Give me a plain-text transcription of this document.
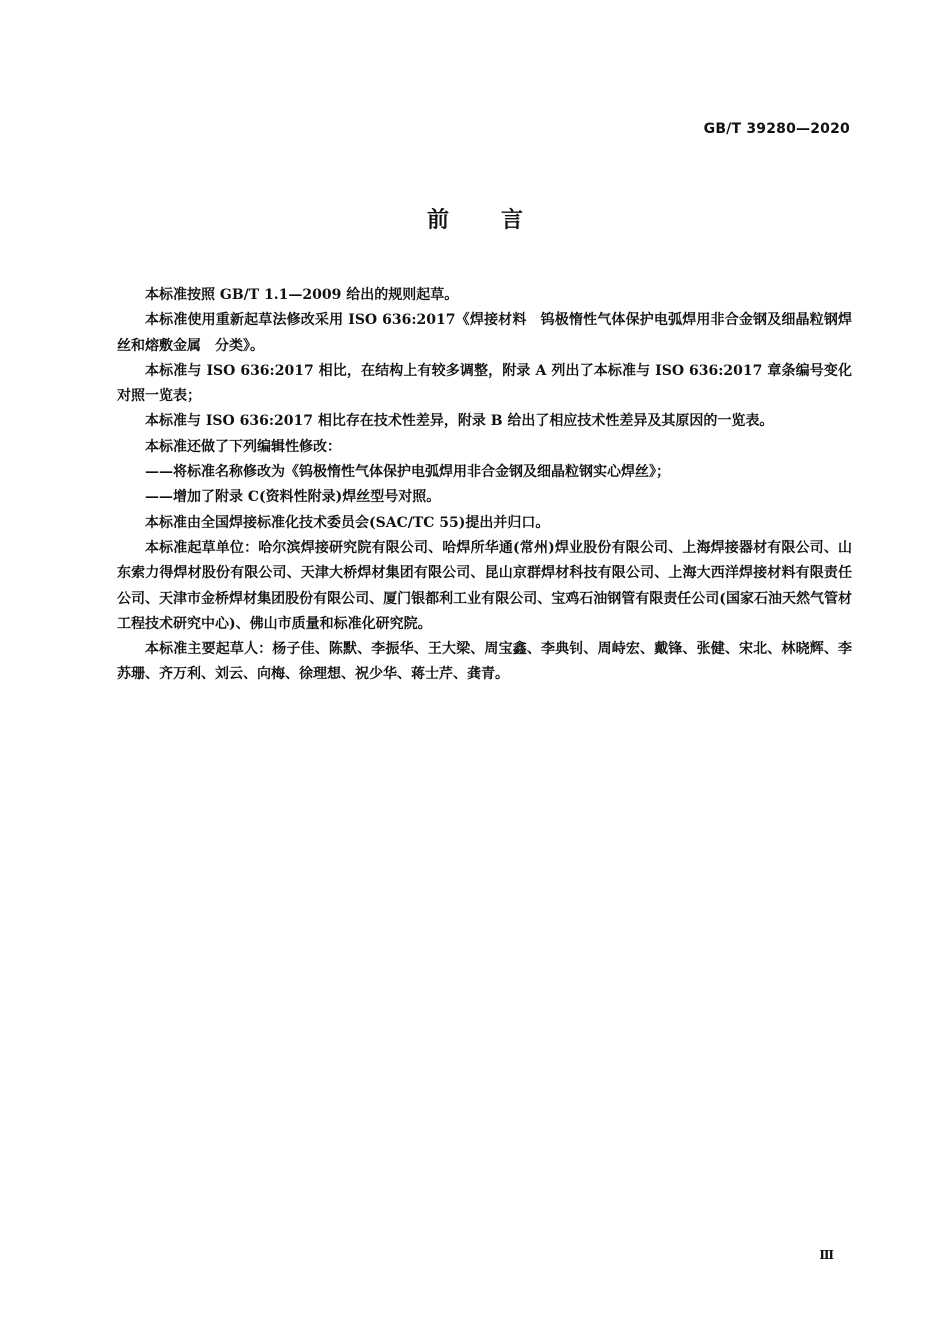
GB/T 39280—2020
前言

本标准按照 GB/T 1.1—2009 给出的规则起草。

本标准使用重新起草法修改采用 ISO 636:2017《焊接材料　钨极惰性气体保护电弧焊用非合金钢及细晶粒钢焊丝和熔敷金属　分类》。

本标准与 ISO 636:2017 相比，在结构上有较多调整，附录 A 列出了本标准与 ISO 636:2017 章条编号变化对照一览表；

本标准与 ISO 636:2017 相比存在技术性差异，附录 B 给出了相应技术性差异及其原因的一览表。

本标准还做了下列编辑性修改：

——将标准名称修改为《钨极惰性气体保护电弧焊用非合金钢及细晶粒钢实心焊丝》；

——增加了附录 C(资料性附录)焊丝型号对照。

本标准由全国焊接标准化技术委员会(SAC/TC 55)提出并归口。

本标准起草单位：哈尔滨焊接研究院有限公司、哈焊所华通(常州)焊业股份有限公司、上海焊接器材有限公司、山东索力得焊材股份有限公司、天津大桥焊材集团有限公司、昆山京群焊材科技有限公司、上海大西洋焊接材料有限责任公司、天津市金桥焊材集团股份有限公司、厦门银都利工业有限公司、宝鸡石油钢管有限责任公司(国家石油天然气管材工程技术研究中心)、佛山市质量和标准化研究院。

本标准主要起草人：杨子佳、陈默、李振华、王大梁、周宝鑫、李典钊、周峙宏、戴锋、张健、宋北、林晓辉、李苏珊、齐万利、刘云、向梅、徐理想、祝少华、蒋士芹、龚青。

Ⅲ
